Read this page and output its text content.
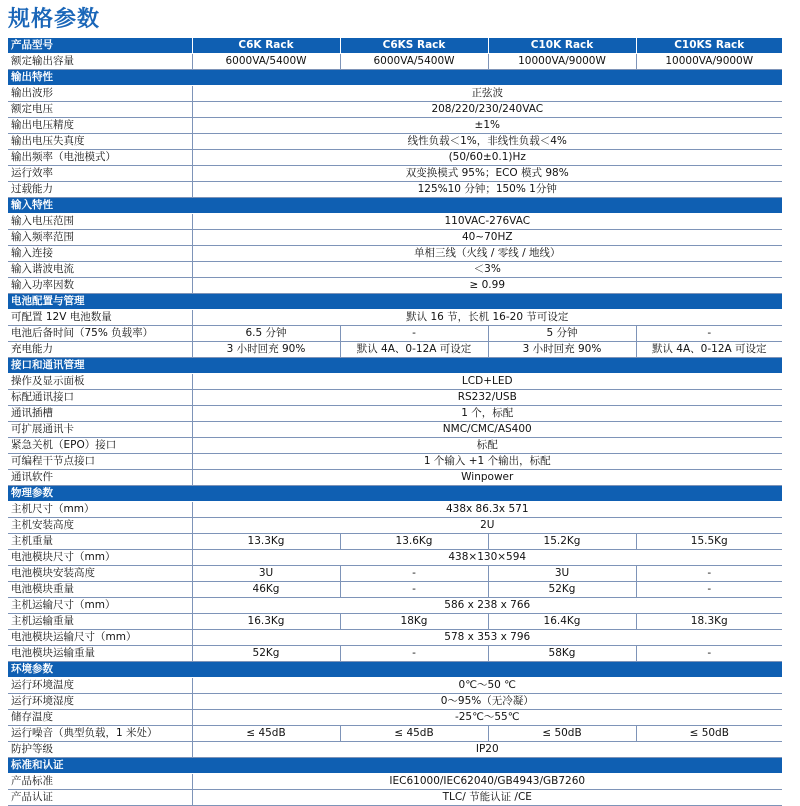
规格参数
产品型号	C6K Rack	C6KS Rack	C10K Rack	C10KS Rack
额定输出容量	6000VA/5400W	6000VA/5400W	10000VA/9000W	10000VA/9000W
输出特性				
输出波形	正弦波			
额定电压	208/220/230/240VAC			
输出电压精度	±1%			
输出电压失真度	线性负载＜1%，非线性负载＜4%			
输出频率（电池模式）	(50/60±0.1)Hz			
运行效率	双变换模式 95%；ECO 模式 98%			
过载能力	125%10 分钟；150% 1分钟			
输入特性				
输入电压范围	110VAC-276VAC			
输入频率范围	40~70HZ			
输入连接	单相三线（火线 / 零线 / 地线）			
输入谐波电流	＜3%			
输入功率因数	≥ 0.99			
电池配置与管理				
可配置 12V 电池数量	默认 16 节，长机 16-20 节可设定			
电池后备时间（75% 负载率）	6.5 分钟	-	5 分钟	-
充电能力	3 小时回充 90%	默认 4A、0-12A 可设定	3 小时回充 90%	默认 4A、0-12A 可设定
接口和通讯管理				
操作及显示面板	LCD+LED			
标配通讯接口	RS232/USB			
通讯插槽	1 个，标配			
可扩展通讯卡	NMC/CMC/AS400			
紧急关机（EPO）接口	标配			
可编程干节点接口	1 个输入 +1 个输出，标配			
通讯软件	Winpower			
物理参数				
主机尺寸（mm）	438x 86.3x 571			
主机安装高度	2U			
主机重量	13.3Kg	13.6Kg	15.2Kg	15.5Kg
电池模块尺寸（mm）	438×130×594			
电池模块安装高度	3U	-	3U	-
电池模块重量	46Kg	-	52Kg	-
主机运输尺寸（mm）	586 x 238 x 766			
主机运输重量	16.3Kg	18Kg	16.4Kg	18.3Kg
电池模块运输尺寸（mm）	578 x 353 x 796			
电池模块运输重量	52Kg	-	58Kg	-
环境参数				
运行环境温度	0℃～50 ℃			
运行环境湿度	0～95%（无冷凝）			
储存温度	-25℃～55℃			
运行噪音（典型负载，1 米处）	≤ 45dB	≤ 45dB	≤ 50dB	≤ 50dB
防护等级	IP20			
标准和认证				
产品标准	IEC61000/IEC62040/GB4943/GB7260			
产品认证	TLC/ 节能认证 /CE			
